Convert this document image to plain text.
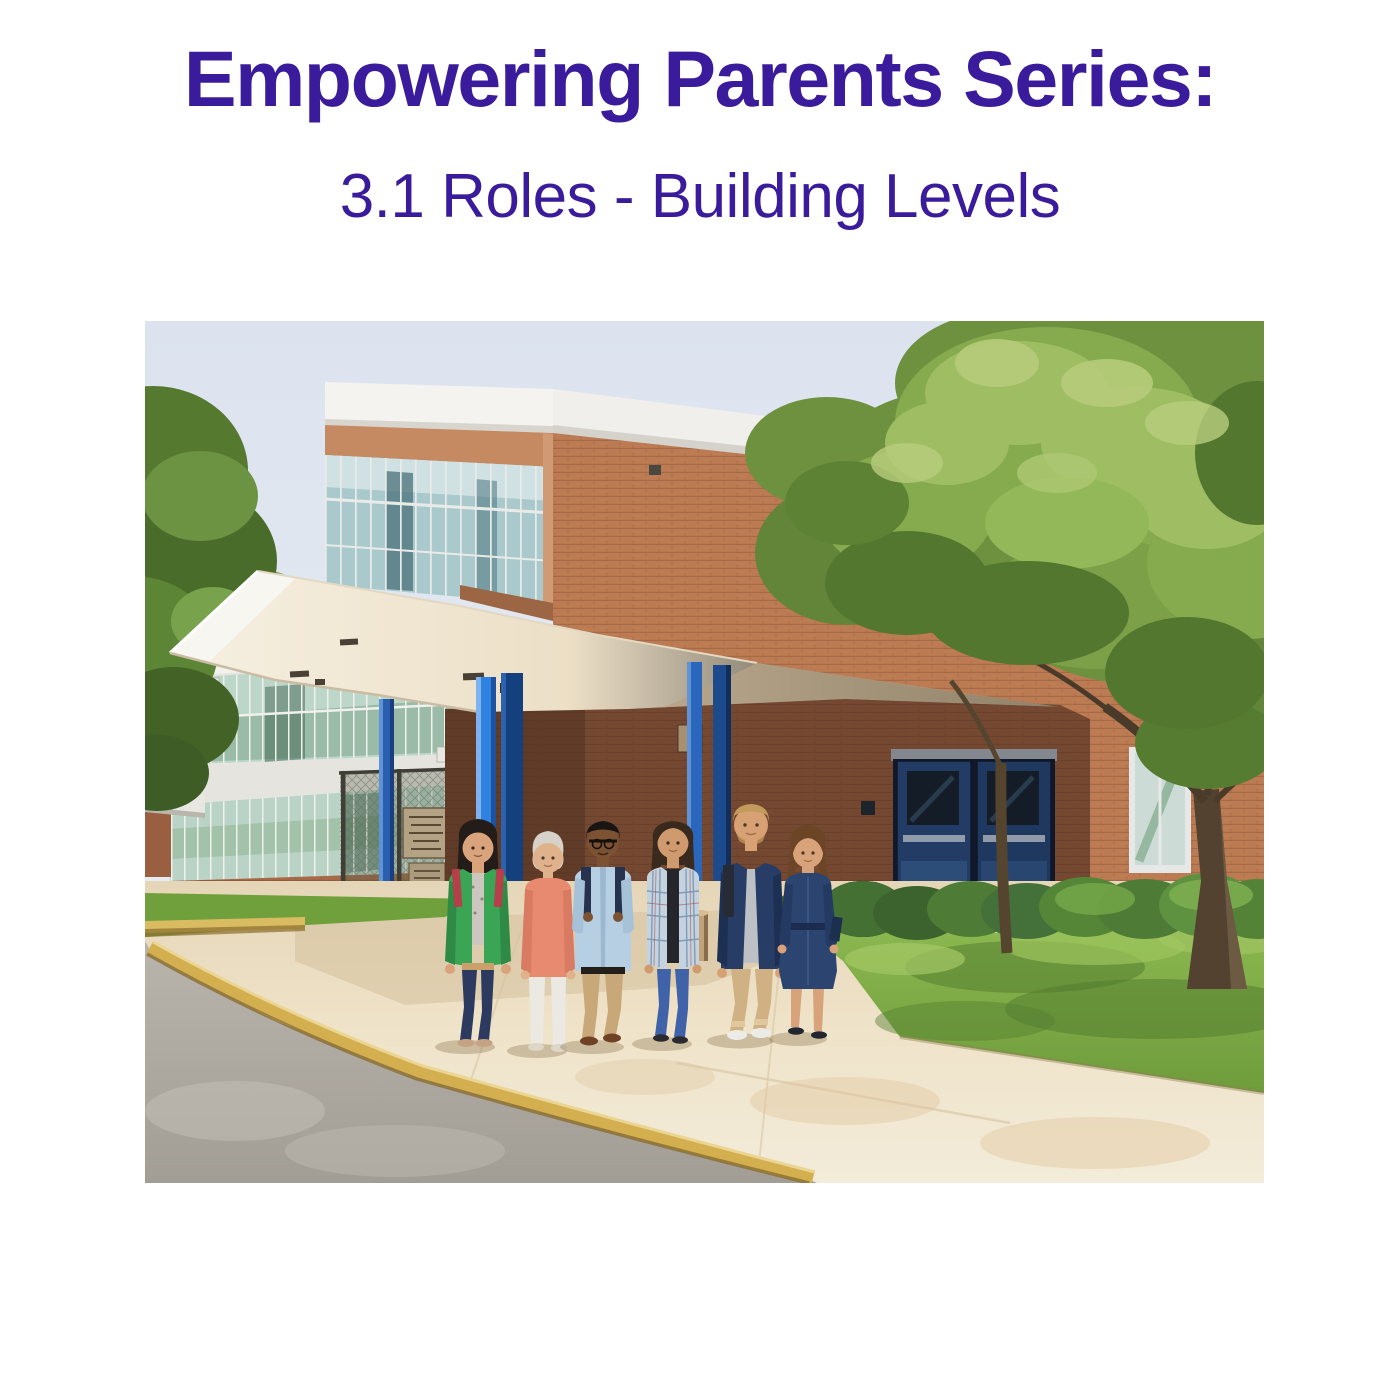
Empowering Parents Series:
3.1 Roles - Building Levels
